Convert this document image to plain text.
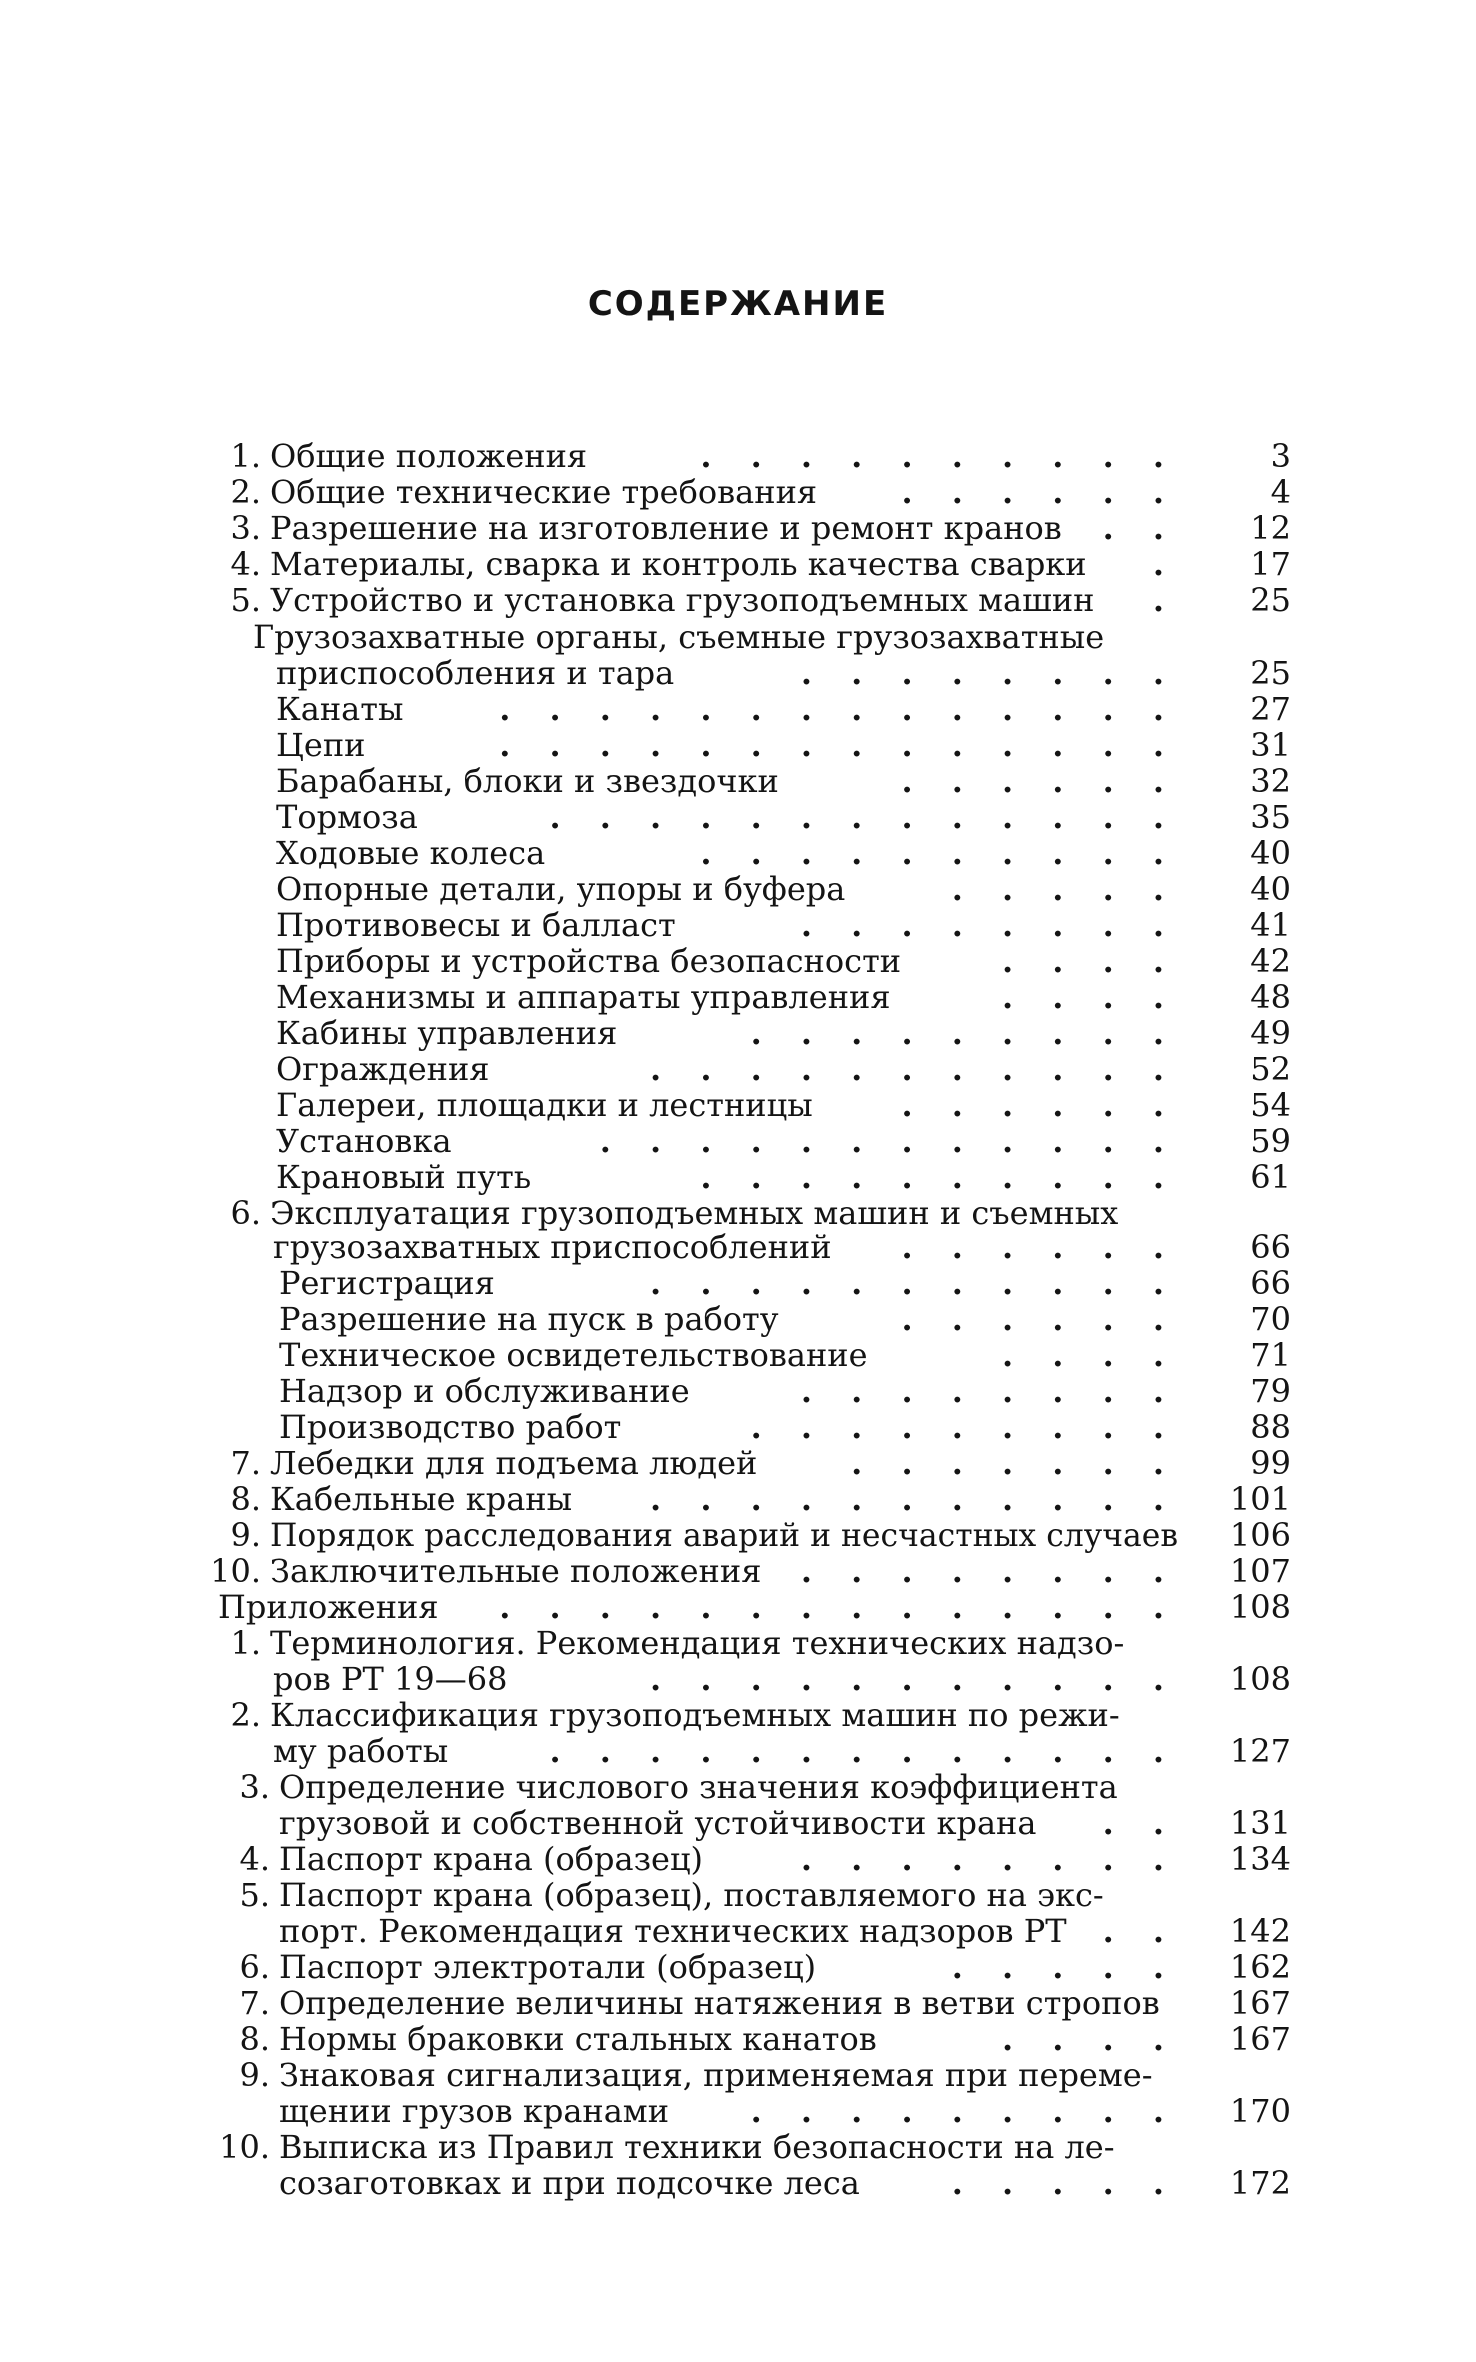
СОДЕРЖАНИЕ
1. Общие положения	. . . . . . . . . .	3
2. Общие технические требования	. . . . . .	4
3. Разрешение на изготовление и ремонт кранов . .	12
4. Материалы, сварка и контроль качества сварки .	17
5. Устройство и установка грузоподъемных машин .	25
Грузозахватные органы, съемные грузозахватные
приспособления и тара	. . . . . . . .	25
Канаты	. . . . . . . . . . . . . .	27
Цепи	. . . . . . . . . . . . . .	31
Барабаны, блоки и звездочки	. . . . . .	32
Тормоза	. . . . . . . . . . . . .	35
Ходовые колеса	. . . . . . . . . .	40
Опорные детали, упоры и буфера	. . . . .	40
Противовесы и балласт	. . . . . . . .	41
Приборы и устройства безопасности	. . . .	42
Механизмы и аппараты управления	. . . .	48
Кабины управления	. . . . . . . . .	49
Ограждения	. . . . . . . . . . .	52
Галереи, площадки и лестницы	. . . . . .	54
Установка	. . . . . . . . . . . .	59
Крановый путь	. . . . . . . . . .	61
6. Эксплуатация грузоподъемных машин и съемных
грузозахватных приспособлений . . . . . .	66
Регистрация	. . . . . . . . . . .	66
Разрешение на пуск в работу	. . . . . .	70
Техническое освидетельствование	. . . .	71
Надзор и обслуживание	. . . . . . . .	79
Производство работ	. . . . . . . . .	88
7. Лебедки для подъема людей	. . . . . . .	99
8. Кабельные краны . . . . . . . . . . . 101
9. Порядок расследования аварий и несчастных случаев 106
10. Заключительные положения . . . . . . . . 107
Приложения . . . . . . . . . . . . . . 108
1. Терминология. Рекомендация технических надзо-
ров РТ 19—68	. . . . . . . . . . . 108
2. Классификация грузоподъемных машин по режи-
му работы	. . . . . . . . . . . . . 127
3. Определение числового значения коэффициента
грузовой и собственной устойчивости крана . . 131
4. Паспорт крана (образец)	. . . . . . . . 134
5. Паспорт крана (образец), поставляемого на экс-
порт. Рекомендация технических надзоров РТ . . 142
6. Паспорт электротали (образец)	. . . . . 162
7. Определение величины натяжения в ветви стропов 167
8. Нормы браковки стальных канатов	. . . . 167
9. Знаковая сигнализация, применяемая при переме-
щении грузов кранами	. . . . . . . . . 170
10. Выписка из Правил техники безопасности на ле-
созаготовках и при подсочке леса	. . . . . 172
